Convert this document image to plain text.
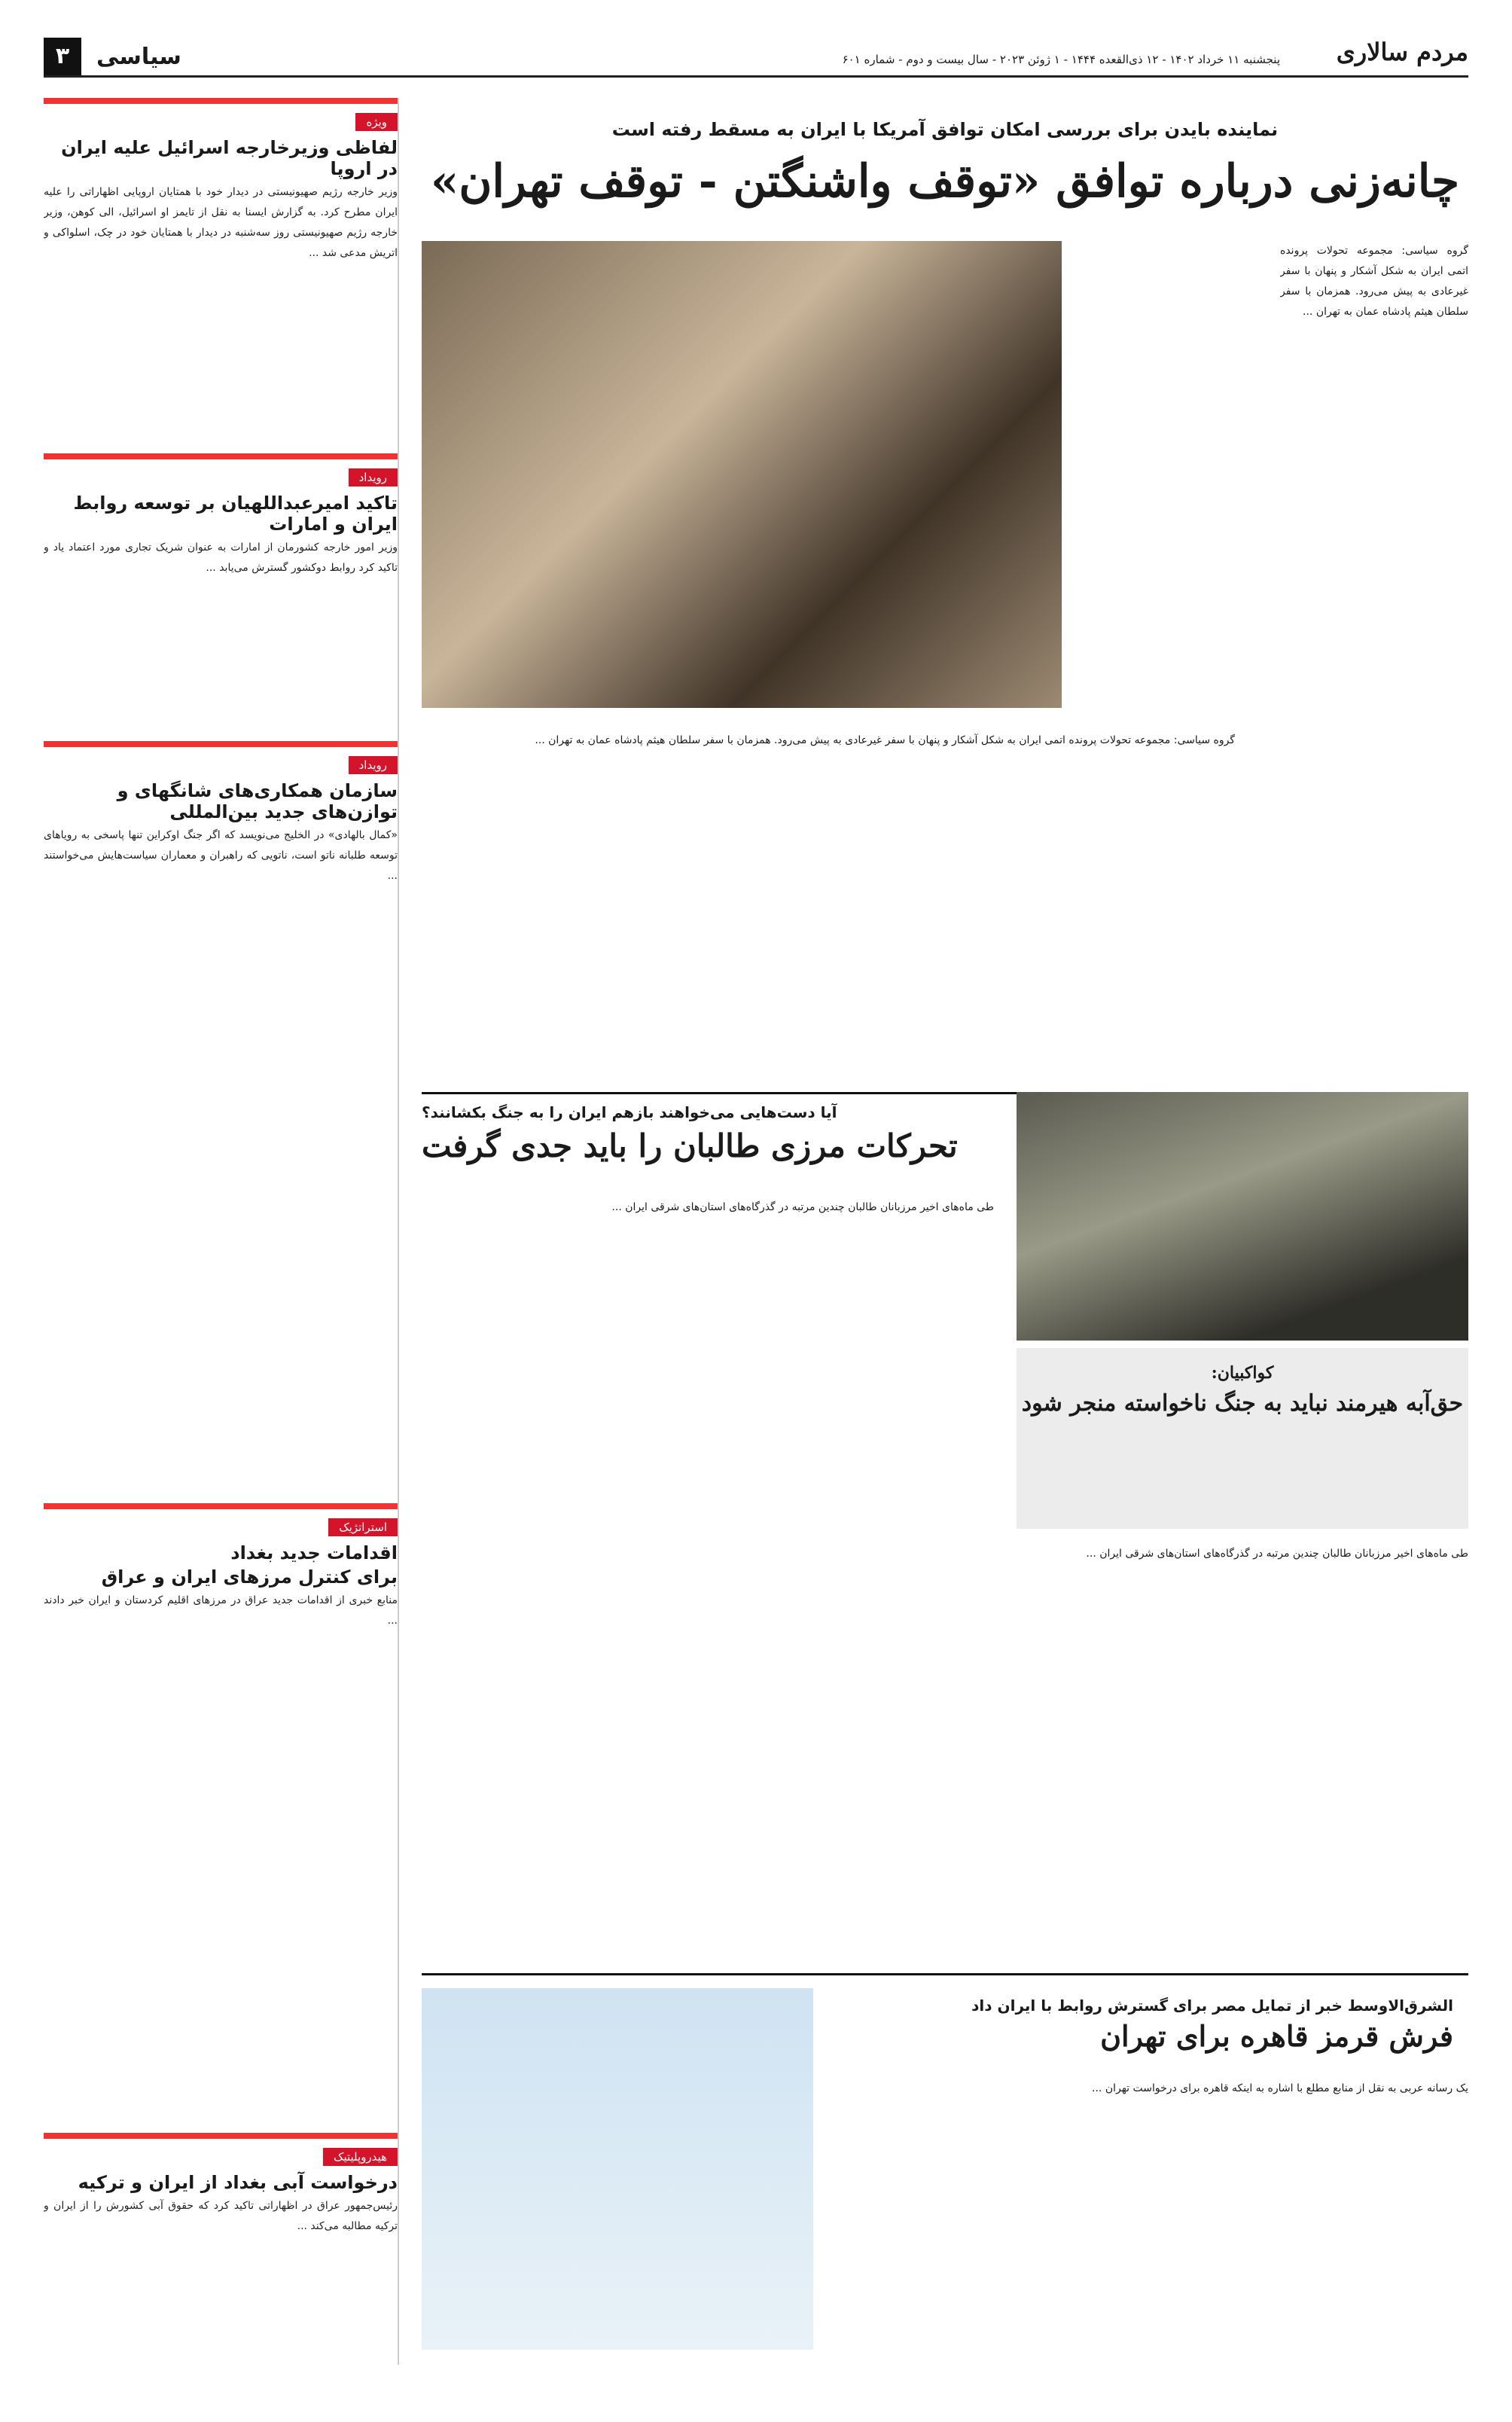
مردم سالاری
پنجشنبه ۱۱ خرداد ۱۴۰۲ - ۱۲ ذی‌القعده ۱۴۴۴ - ۱ ژوئن ۲۰۲۳ - سال بیست و دوم - شماره ۶۰۱
سیاسی
۳
ویژه
لفاظی وزیرخارجه اسرائیل علیه ایران در اروپا
وزیر خارجه رژیم صهیونیستی در دیدار خود با همتایان اروپایی اظهاراتی را علیه ایران مطرح کرد. به گزارش ایسنا به نقل از تایمز او اسرائیل، الی کوهن، وزیر خارجه رژیم صهیونیستی روز سه‌شنبه در دیدار با همتایان خود در چک، اسلواکی و اتریش مدعی شد ...
رویداد
تاکید امیرعبداللهیان بر توسعه روابط ایران و امارات
وزیر امور خارجه کشورمان از امارات به عنوان شریک تجاری مورد اعتماد یاد و تاکید کرد روابط دوکشور گسترش می‌یابد ...
رویداد
سازمان همکاری‌های شانگهای و توازن‌های جدید بین‌المللی
«کمال بالهادی» در الخلیج می‌نویسد که اگر جنگ اوکراین تنها پاسخی به رویاهای توسعه طلبانه ناتو است، ناتویی که راهبران و معماران سیاست‌هایش می‌خواستند ...
استراتژیک
اقدامات جدید بغداد
برای کنترل مرزهای ایران و عراق
منابع خبری از اقدامات جدید عراق در مرزهای اقلیم کردستان و ایران خبر دادند ...
هیدروپلیتیک
درخواست آبی بغداد از ایران و ترکیه
رئیس‌جمهور عراق در اظهاراتی تاکید کرد که حقوق آبی کشورش را از ایران و ترکیه مطالبه می‌کند ...
نماینده بایدن برای بررسی امکان توافق آمریکا با ایران به مسقط رفته است
چانه‌زنی درباره توافق «توقف واشنگتن - توقف تهران»
گروه سیاسی: مجموعه تحولات پرونده اتمی ایران به شکل آشکار و پنهان با سفر غیرعادی به پیش می‌رود. همزمان با سفر سلطان هیثم پادشاه عمان به تهران ...
گروه سیاسی: مجموعه تحولات پرونده اتمی ایران به شکل آشکار و پنهان با سفر غیرعادی به پیش می‌رود. همزمان با سفر سلطان هیثم پادشاه عمان به تهران ...
آیا دست‌هایی می‌خواهند بازهم ایران را به جنگ بکشانند؟
تحرکات مرزی طالبان را باید جدی گرفت
کواکبیان:
حق‌آبه هیرمند نباید به جنگ ناخواسته منجر شود
طی ماه‌های اخیر مرزبانان طالبان چندین مرتبه در گذرگاه‌های استان‌های شرقی ایران ...
طی ماه‌های اخیر مرزبانان طالبان چندین مرتبه در گذرگاه‌های استان‌های شرقی ایران ...
الشرق‌الاوسط خبر از تمایل مصر برای گسترش روابط با ایران داد
فرش قرمز قاهره برای تهران
یک رسانه عربی به نقل از منابع مطلع با اشاره به اینکه قاهره برای درخواست تهران ...
